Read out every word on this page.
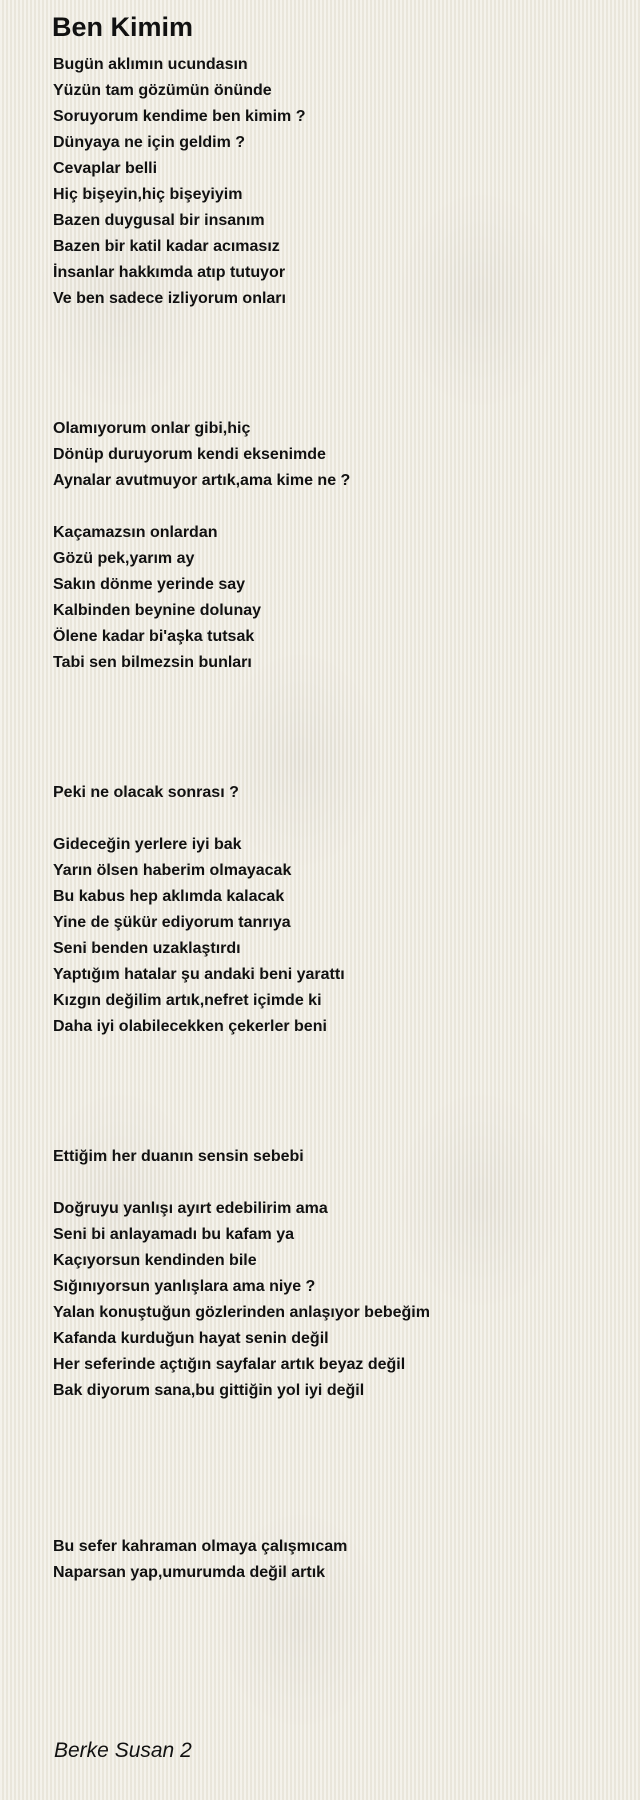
Ben Kimim
Bugün aklımın ucundasın
Yüzün tam gözümün önünde
Soruyorum kendime ben kimim ?
Dünyaya ne için geldim ?
Cevaplar belli
Hiç bişeyin,hiç bişeyiyim
Bazen duygusal bir insanım
Bazen bir katil kadar acımasız
İnsanlar hakkımda atıp tutuyor
Ve ben sadece izliyorum onları
Olamıyorum onlar gibi,hiç
Dönüp duruyorum kendi eksenimde
Aynalar avutmuyor artık,ama kime ne ?
Kaçamazsın onlardan
Gözü pek,yarım ay
Sakın dönme yerinde say
Kalbinden beynine dolunay
Ölene kadar bi'aşka tutsak
Tabi sen bilmezsin bunları
Peki ne olacak sonrası ?
Gideceğin yerlere iyi bak
Yarın ölsen haberim olmayacak
Bu kabus hep aklımda kalacak
Yine de şükür ediyorum tanrıya
Seni benden uzaklaştırdı
Yaptığım hatalar şu andaki beni yarattı
Kızgın değilim artık,nefret içimde ki
Daha iyi olabilecekken çekerler beni
Ettiğim her duanın sensin sebebi
Doğruyu yanlışı ayırt edebilirim ama
Seni bi anlayamadı bu kafam ya
Kaçıyorsun kendinden bile
Sığınıyorsun yanlışlara ama niye ?
Yalan konuştuğun gözlerinden anlaşıyor bebeğim
Kafanda kurduğun hayat senin değil
Her seferinde açtığın sayfalar artık beyaz değil
Bak diyorum sana,bu gittiğin yol iyi değil
Bu sefer kahraman olmaya çalışmıcam
Naparsan yap,umurumda değil artık
Berke Susan 2
